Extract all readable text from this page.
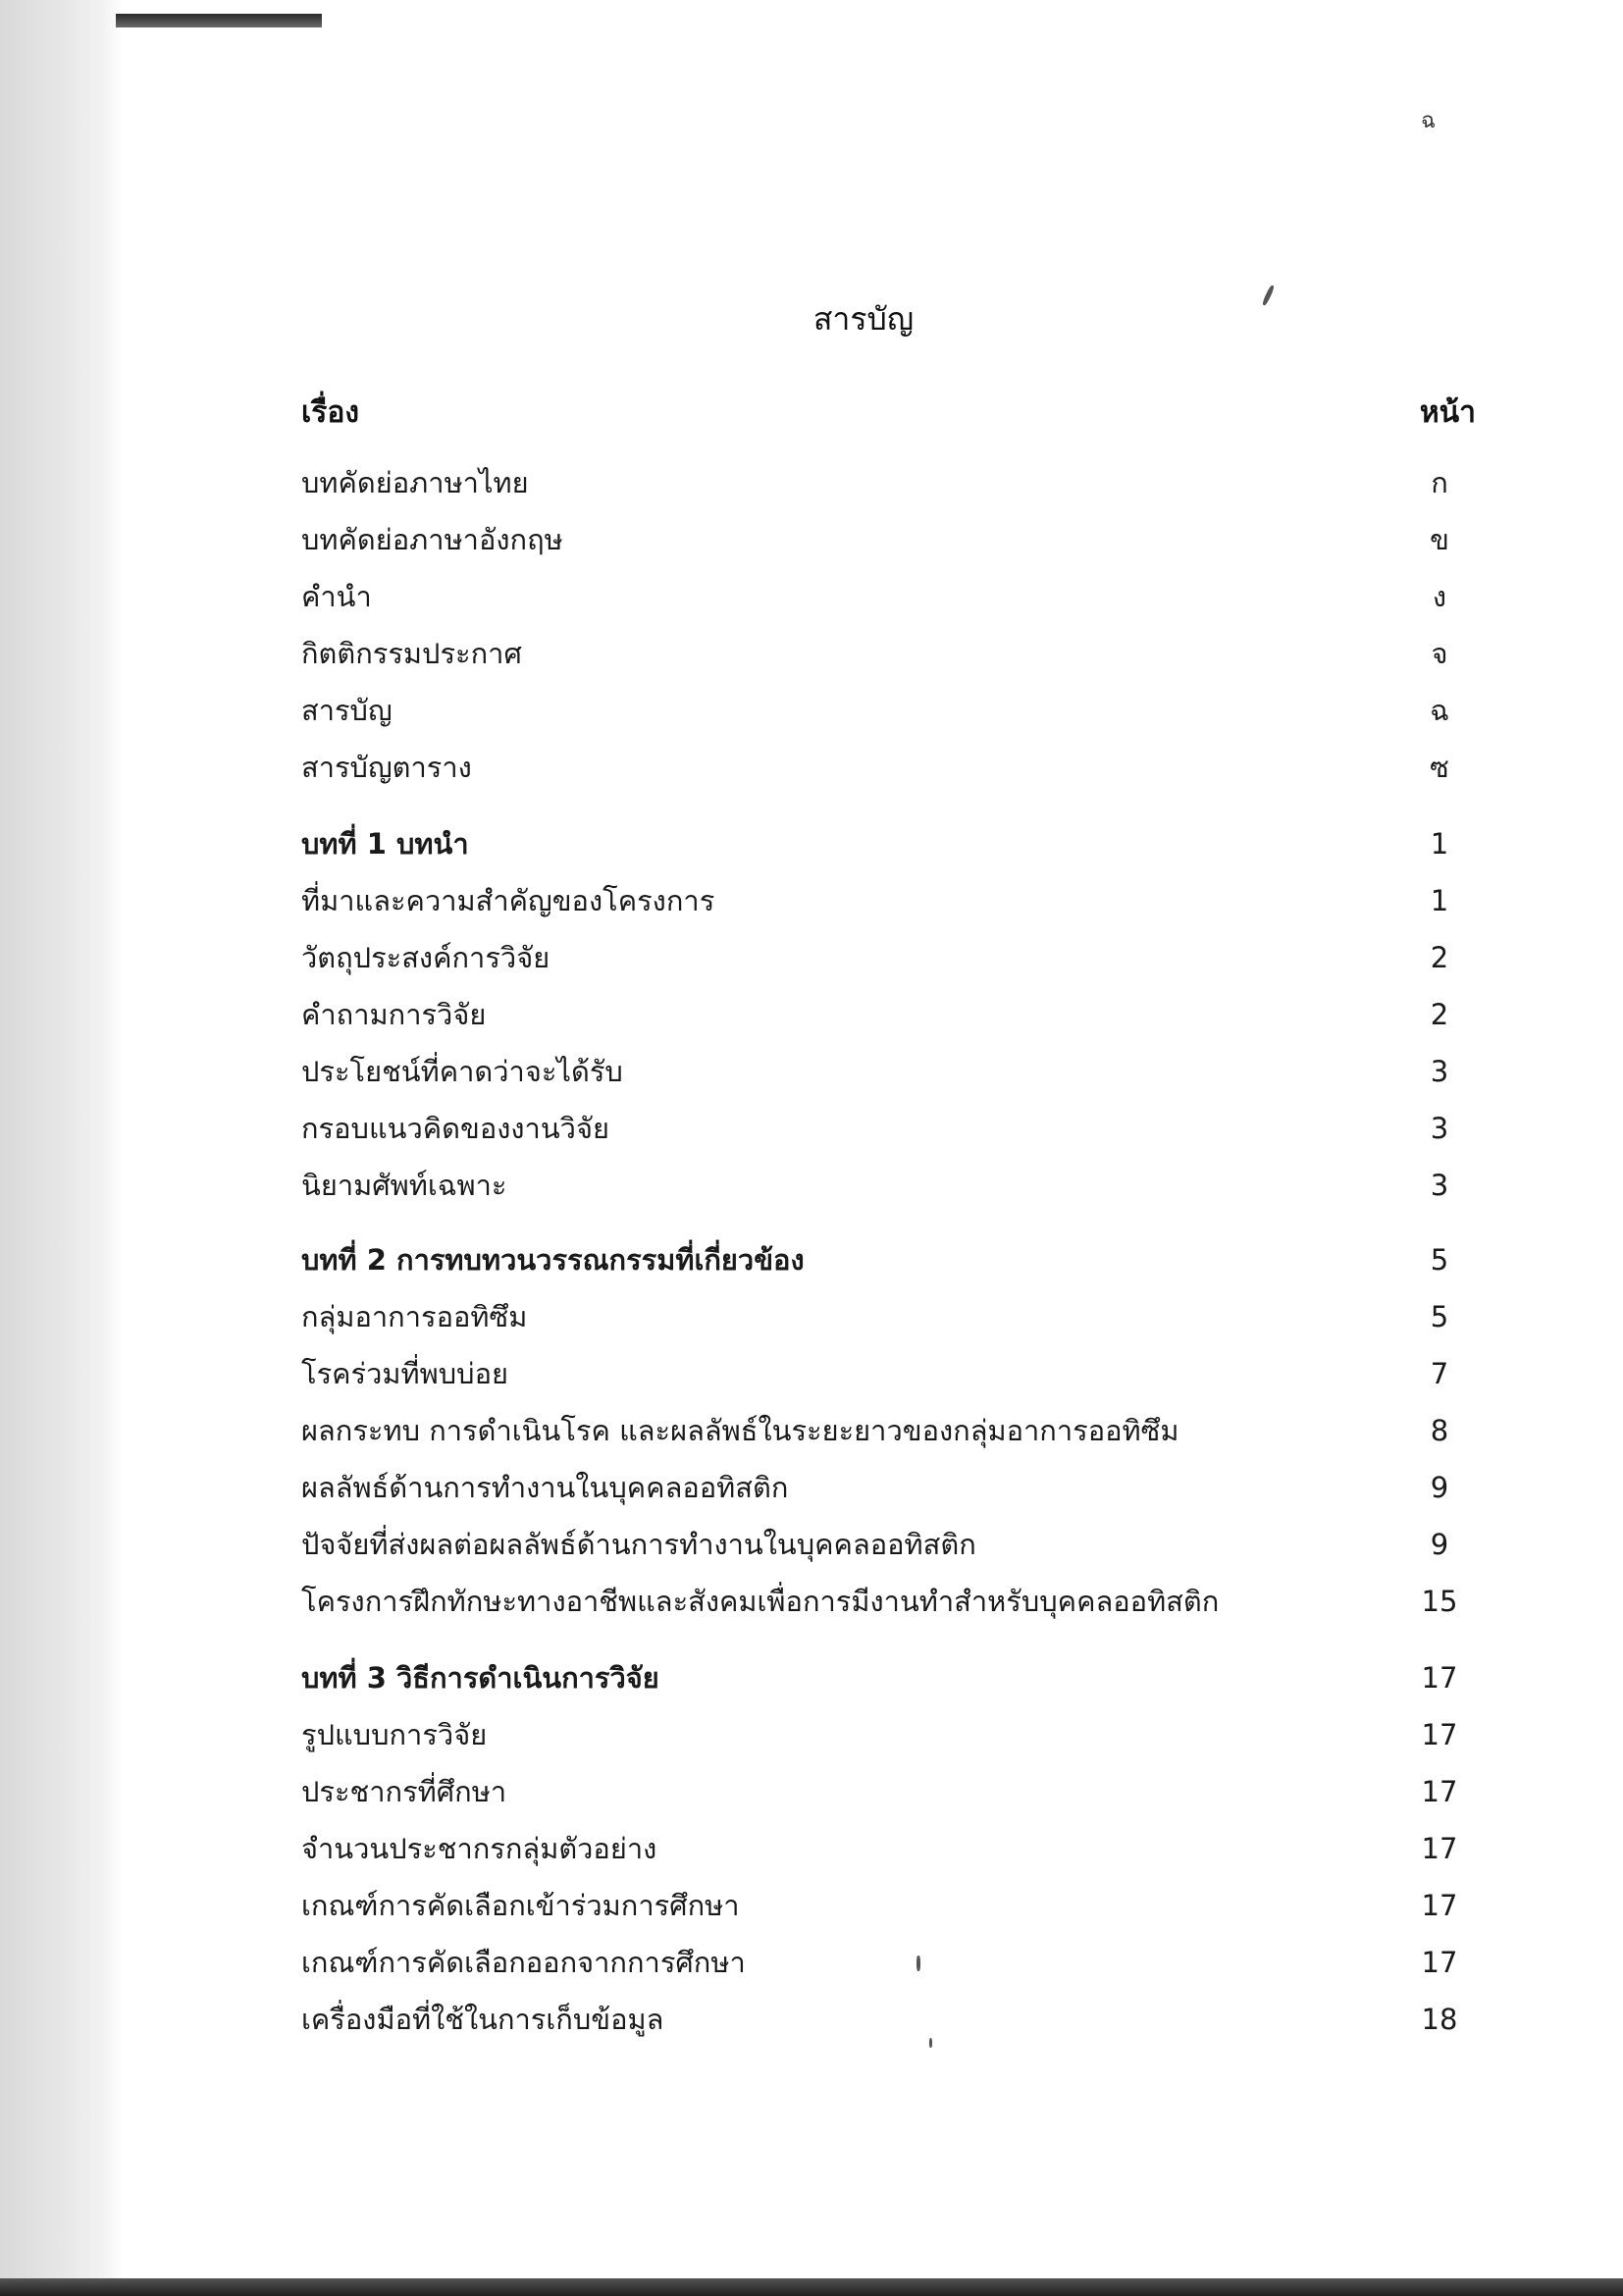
ฉ
สารบัญ
เรื่อง	หน้า
บทคัดย่อภาษาไทย	ก
บทคัดย่อภาษาอังกฤษ	ข
คำนำ	ง
กิตติกรรมประกาศ	จ
สารบัญ	ฉ
สารบัญตาราง	ซ
บทที่ 1 บทนำ	1
ที่มาและความสำคัญของโครงการ	1
วัตถุประสงค์การวิจัย	2
คำถามการวิจัย	2
ประโยชน์ที่คาดว่าจะได้รับ	3
กรอบแนวคิดของงานวิจัย	3
นิยามศัพท์เฉพาะ	3
บทที่ 2 การทบทวนวรรณกรรมที่เกี่ยวข้อง	5
กลุ่มอาการออทิซึม	5
โรคร่วมที่พบบ่อย	7
ผลกระทบ การดำเนินโรค และผลลัพธ์ในระยะยาวของกลุ่มอาการออทิซึม	8
ผลลัพธ์ด้านการทำงานในบุคคลออทิสติก	9
ปัจจัยที่ส่งผลต่อผลลัพธ์ด้านการทำงานในบุคคลออทิสติก	9
โครงการฝึกทักษะทางอาชีพและสังคมเพื่อการมีงานทำสำหรับบุคคลออทิสติก	15
บทที่ 3 วิธีการดำเนินการวิจัย	17
รูปแบบการวิจัย	17
ประชากรที่ศึกษา	17
จำนวนประชากรกลุ่มตัวอย่าง	17
เกณฑ์การคัดเลือกเข้าร่วมการศึกษา	17
เกณฑ์การคัดเลือกออกจากการศึกษา	17
เครื่องมือที่ใช้ในการเก็บข้อมูล	18
